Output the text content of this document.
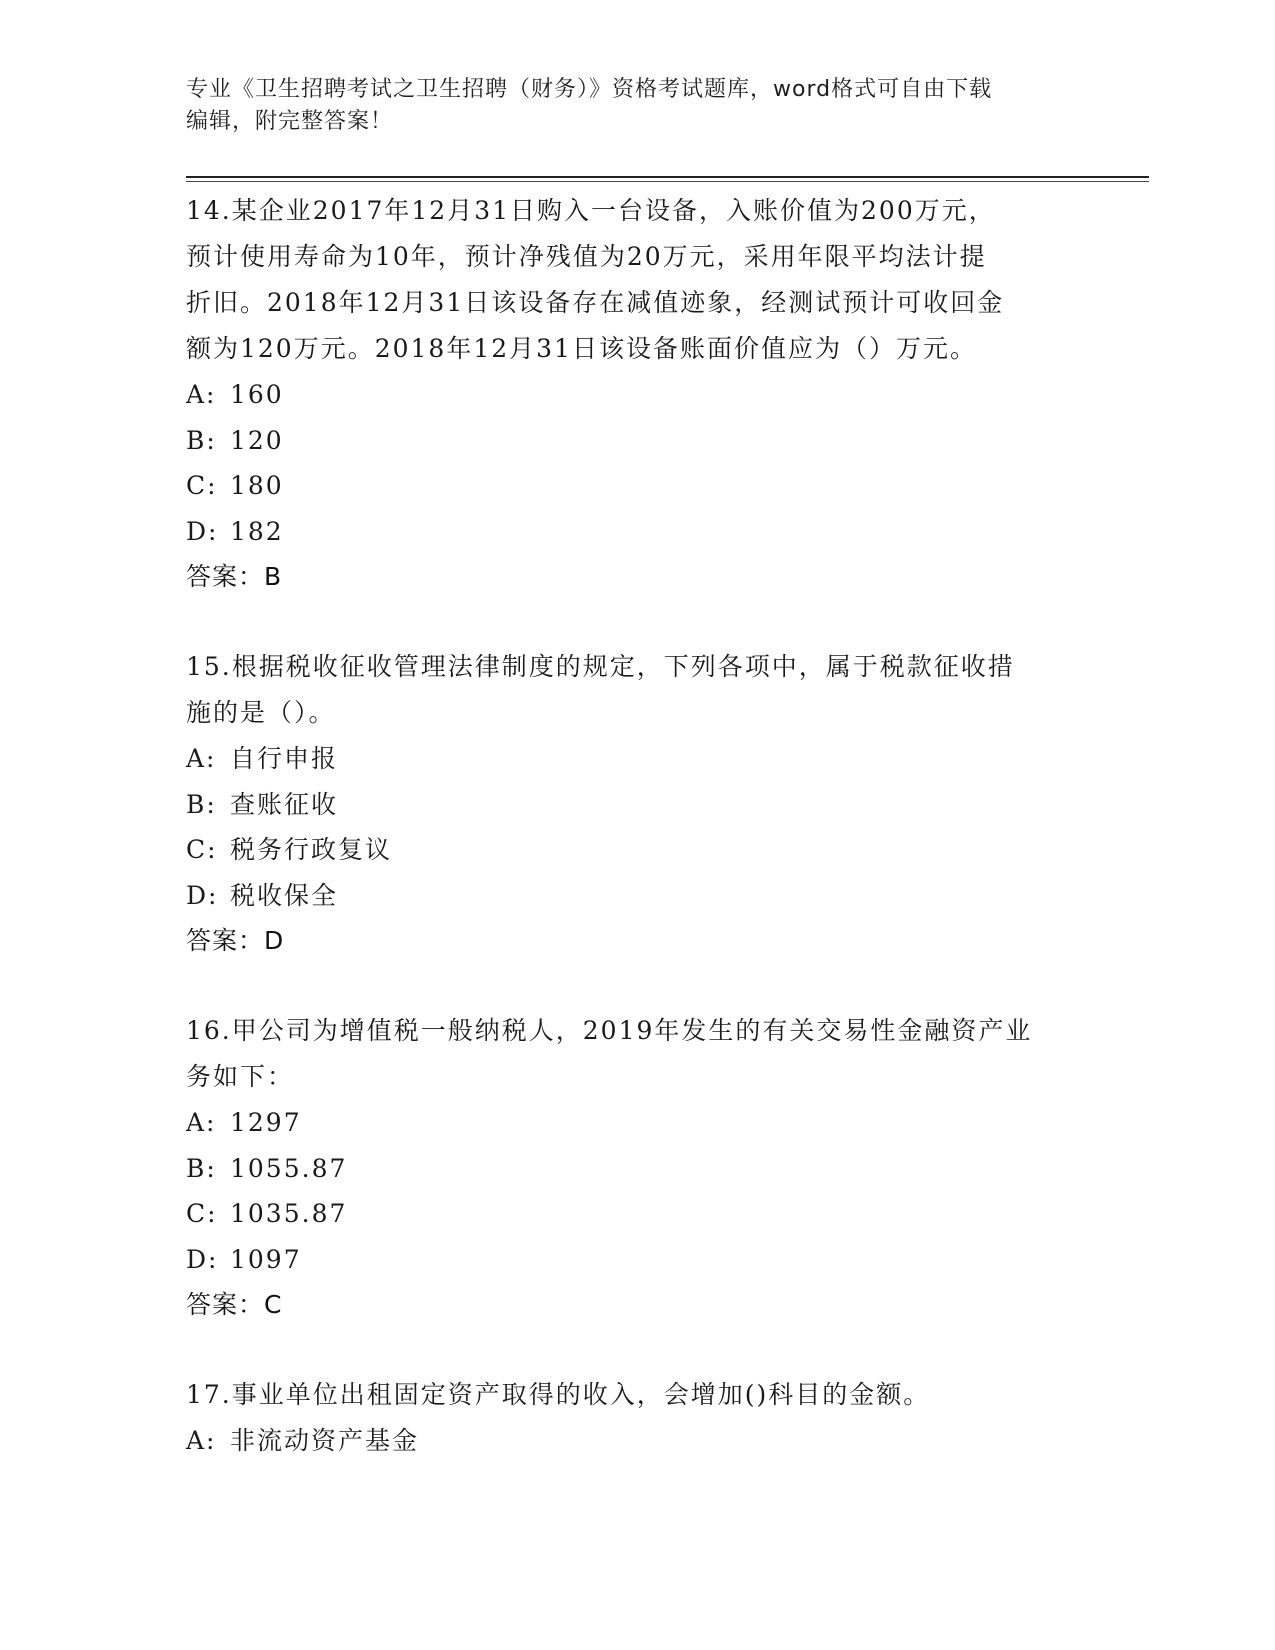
专业《卫生招聘考试之卫生招聘（财务）》资格考试题库，word格式可自由下载
编辑，附完整答案！
14.某企业2017年12月31日购入一台设备，入账价值为200万元，
预计使用寿命为10年，预计净残值为20万元，采用年限平均法计提
折旧。2018年12月31日该设备存在减值迹象，经测试预计可收回金
额为120万元。2018年12月31日该设备账面价值应为（）万元。
A: 160
B: 120
C: 180
D: 182
答案：B
15.根据税收征收管理法律制度的规定，下列各项中，属于税款征收措
施的是（）。
A: 自行申报
B: 查账征收
C: 税务行政复议
D: 税收保全
答案：D
16.甲公司为增值税一般纳税人，2019年发生的有关交易性金融资产业
务如下：
A: 1297
B: 1055.87
C: 1035.87
D: 1097
答案：C
17.事业单位出租固定资产取得的收入，会增加()科目的金额。
A: 非流动资产基金
